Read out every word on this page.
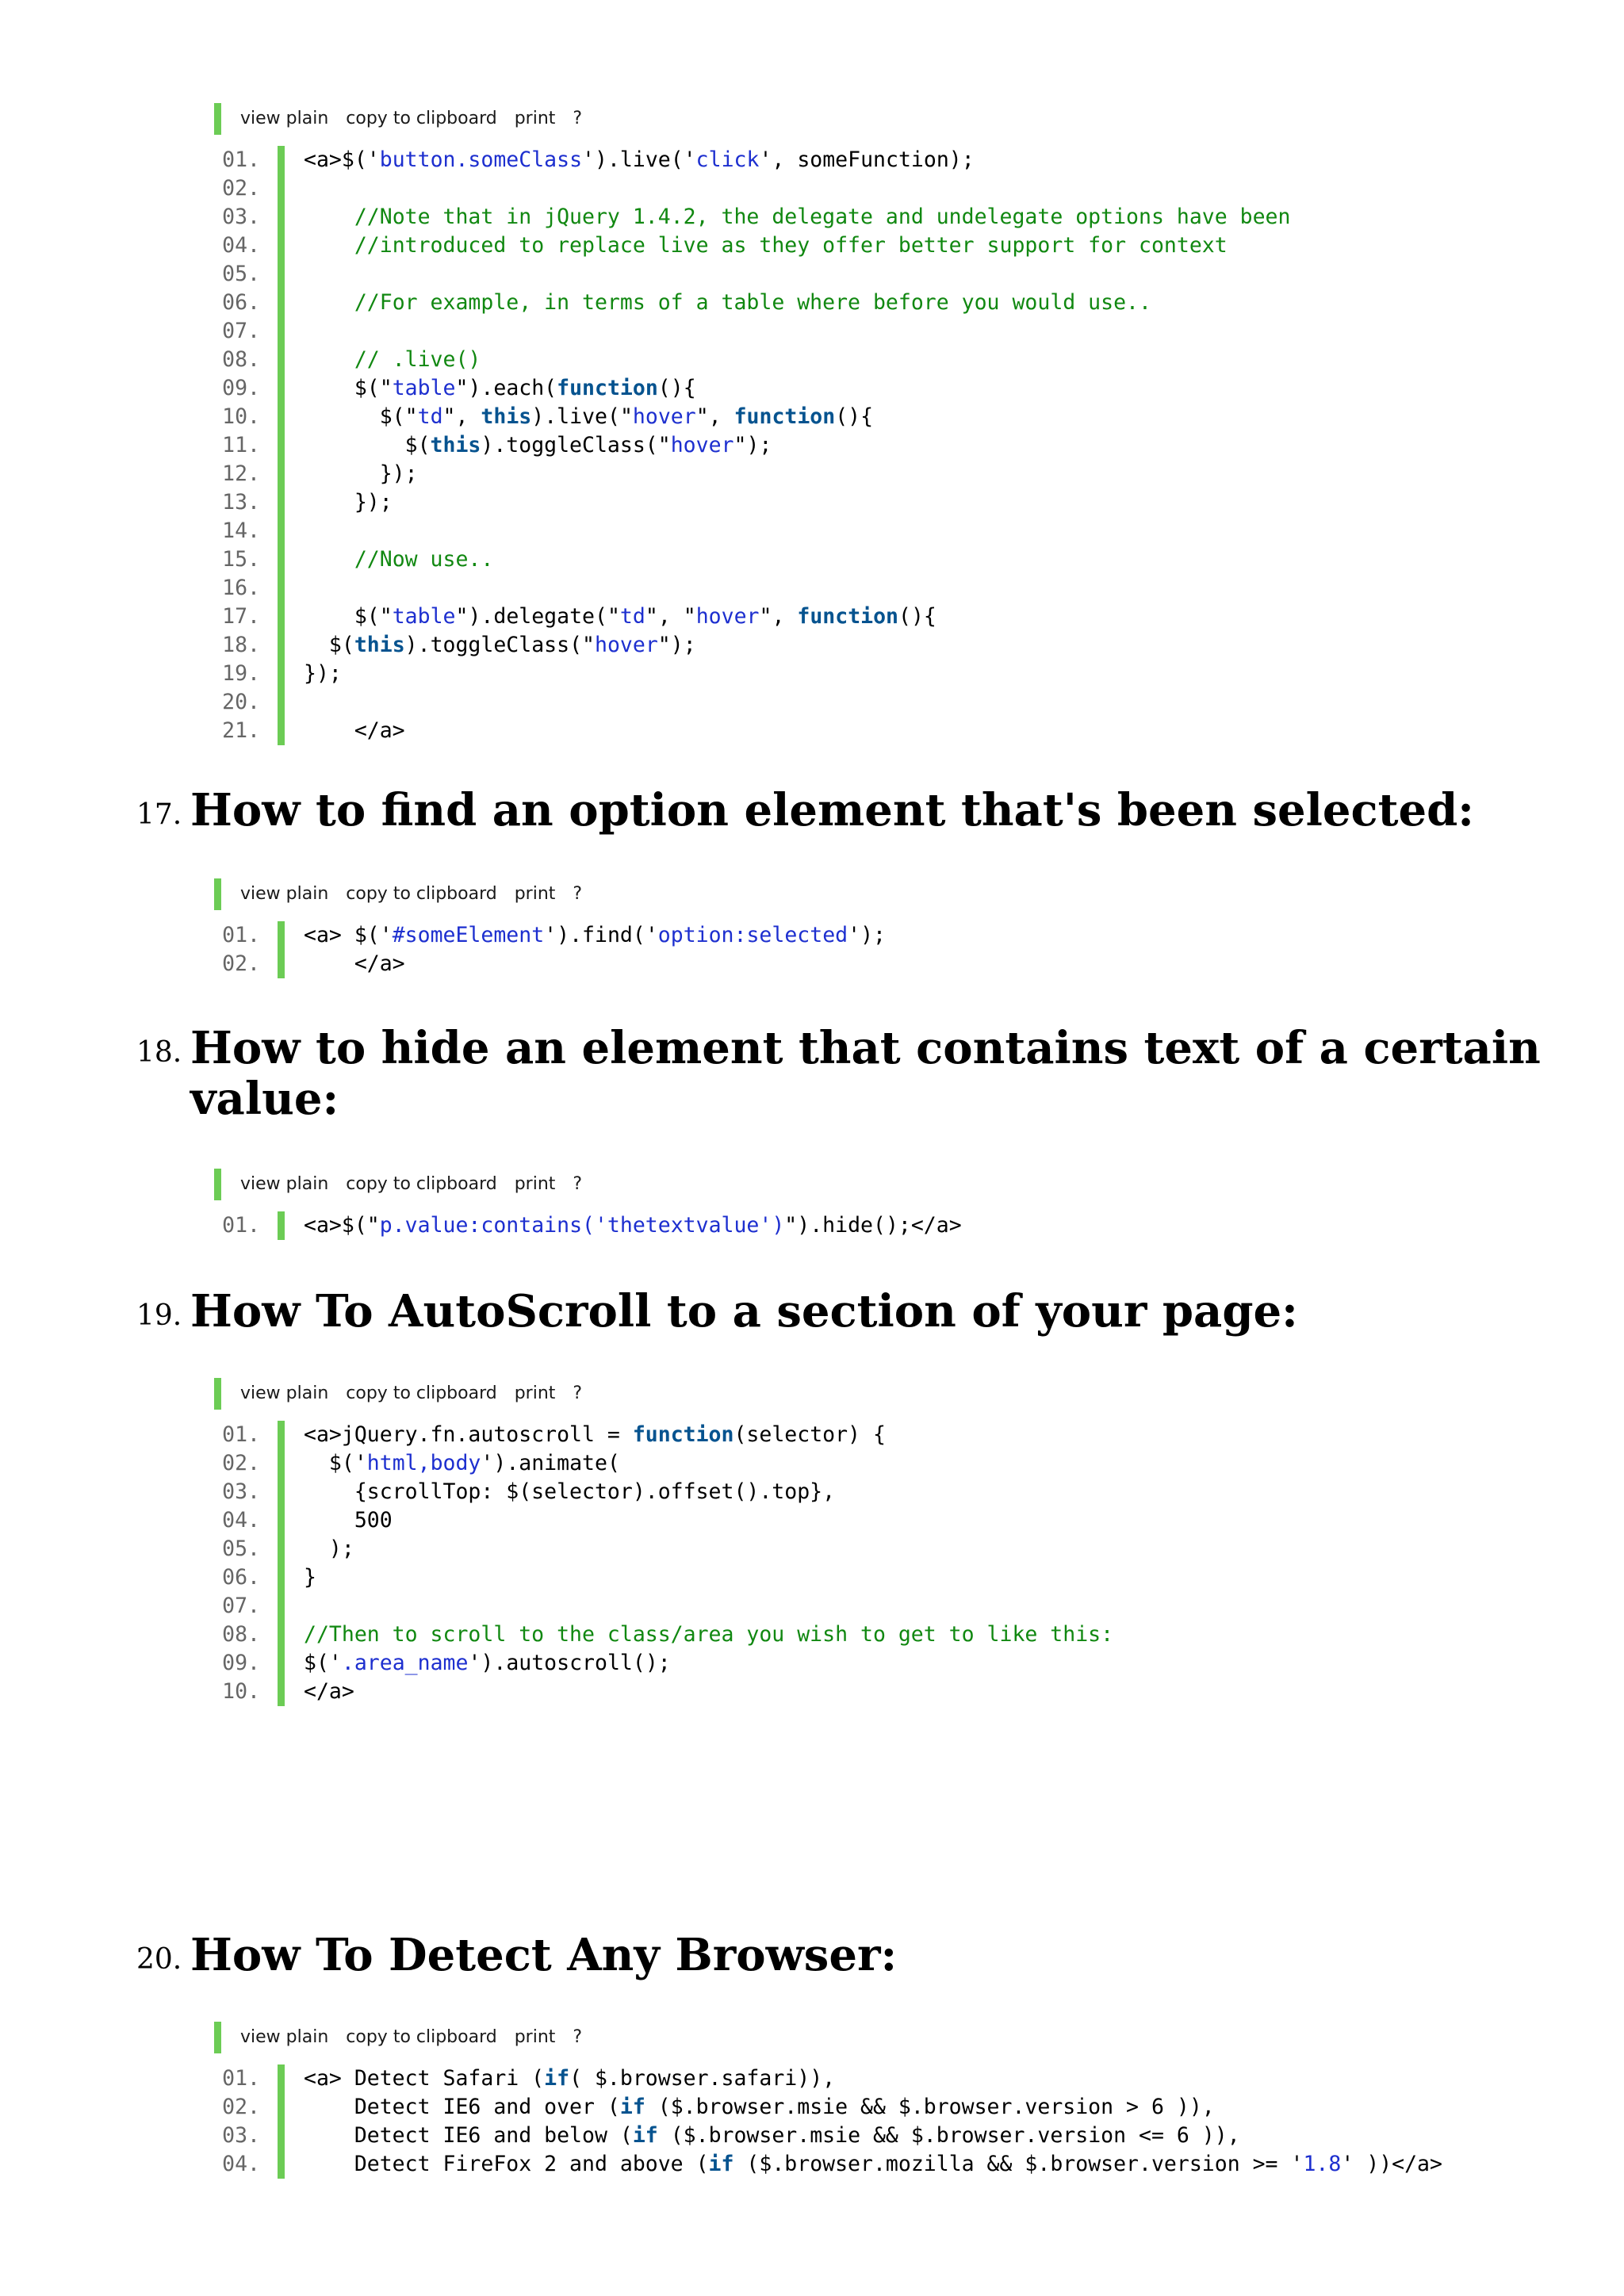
view plain copy to clipboard print ?
01. <a>$('button.someClass').live('click', someFunction);
02.
03.	//Note that in jQuery 1.4.2, the delegate and undelegate options have been
04.	//introduced to replace live as they offer better support for context
05.
06.	//For example, in terms of a table where before you would use..
07.
08.	// .live()
09. $("table").each(function(){
10. $("td", this).live("hover", function(){
11. $(this).toggleClass("hover");
12. });
13. });
14.
15.	//Now use..
16.
17. $("table").delegate("td", "hover", function(){
18. $(this).toggleClass("hover");
19. });
20.
21. </a>
17. How to find an option element that's been selected:
view plain copy to clipboard print ?
01. <a> $('#someElement').find('option:selected');
02. </a>
18. How to hide an element that contains text of a certain value:
view plain copy to clipboard print ?
01. <a>$("p.value:contains('thetextvalue')").hide();</a>
19. How To AutoScroll to a section of your page:
view plain copy to clipboard print ?
01. <a>jQuery.fn.autoscroll = function(selector) {
02. $('html,body').animate(
03. {scrollTop: $(selector).offset().top},
04. 500
05. );
06. }
07.
08. //Then to scroll to the class/area you wish to get to like this:
09. $('.area_name').autoscroll();
10. </a>
20. How To Detect Any Browser:
view plain copy to clipboard print ?
01. <a> Detect Safari (if( $.browser.safari)),
02. Detect IE6 and over (if ($.browser.msie && $.browser.version > 6 )),
03. Detect IE6 and below (if ($.browser.msie && $.browser.version <= 6 )),
04. Detect FireFox 2 and above (if ($.browser.mozilla && $.browser.version >= '1.8' ))</a>
